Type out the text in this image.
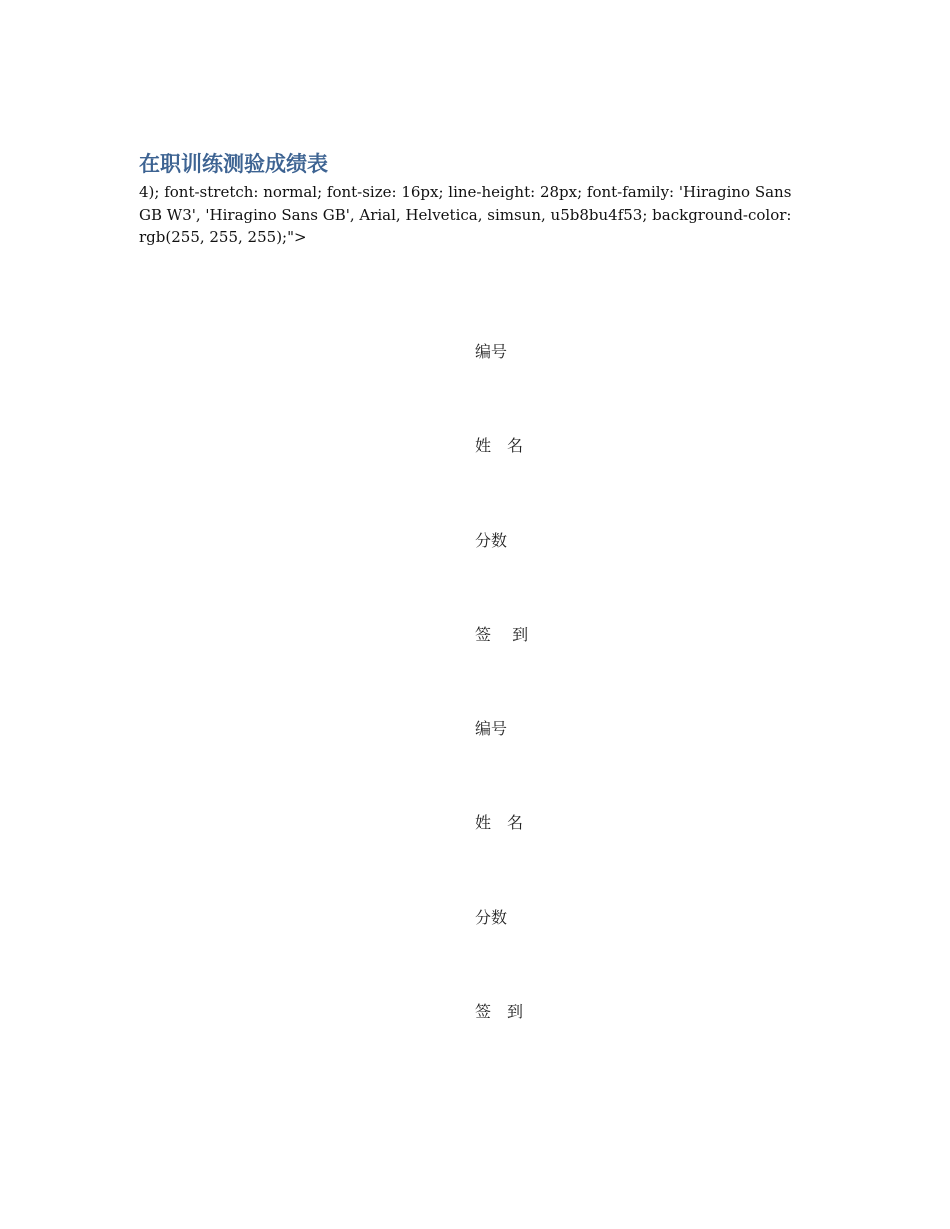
在职训练测验成绩表

4); font-stretch: normal; font-size: 16px; line-height: 28px; font-family: 'Hiragino Sans GB W3', 'Hiragino Sans GB', Arial, Helvetica, simsun, u5b8bu4f53; background-color: rgb(255, 255, 255);">

编号
姓　名
分数
签　 到
编号
姓　名
分数
签　到
